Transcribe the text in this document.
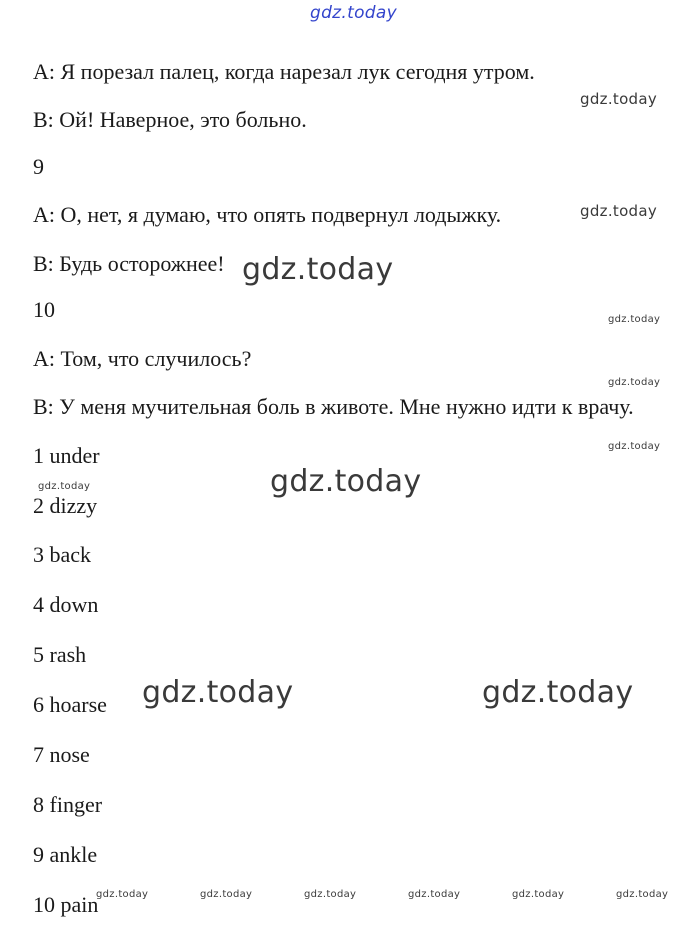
gdz.today
A: Я порезал палец, когда нарезал лук сегодня утром.
B: Ой! Наверное, это больно.
9
A: О, нет, я думаю, что опять подвернул лодыжку.
B: Будь осторожнее!
10
A: Том, что случилось?
B: У меня мучительная боль в животе. Мне нужно идти к врачу.
1 under
2 dizzy
3 back
4 down
5 rash
6 hoarse
7 nose
8 finger
9 ankle
10 pain
gdz.today
gdz.today
gdz.today
gdz.today
gdz.today
gdz.today
gdz.today
gdz.today
gdz.today	gdz.today
gdz.today	gdz.today	gdz.today	gdz.today	gdz.today	gdz.today
